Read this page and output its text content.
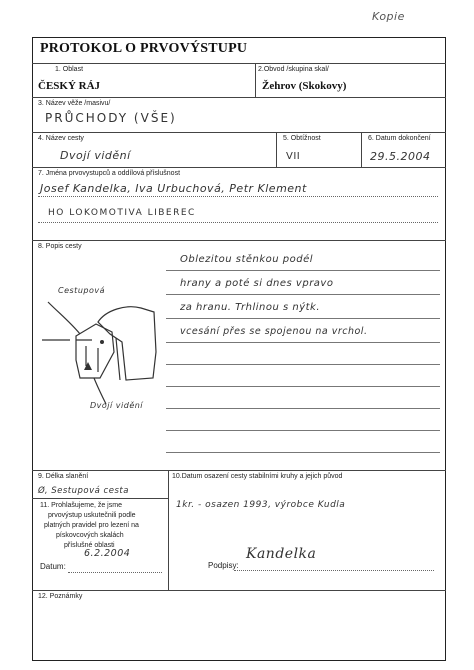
Kopie
PROTOKOL O PRVOVÝSTUPU
1. Oblast
ČESKÝ RÁJ
2.Obvod /skupina skal/
Žehrov (Skokovy)
3. Název věže /masivu/
PRŮCHODY (VŠE)
4. Název cesty
Dvojí vidění
5. Obtížnost
VII
6. Datum dokončení
29.5.2004
7. Jména prvovystupců a oddílová příslušnost
Josef Kandelka, Iva Urbuchová, Petr Klement
HO LOKOMOTIVA LIBEREC
8. Popis cesty
Oblezitou stěnkou podél
hrany a poté si dnes vpravo
za hranu. Trhlinou s nýtk.
vcesání přes se spojenou na vrchol.
Cestupová
Dvojí vidění
9. Délka slanění
Ø, Sestupová cesta
10.Datum osazení cesty stabilními kruhy a jejich původ
1kr. - osazen 1993, výrobce Kudla
11. Prohlašujeme, že jsme
prvovýstup uskutečnili podle
platných pravidel pro lezení na
pískovcových skalách
příslušné oblasti
6.2.2004
Datum:
Kandelka
Podpisy:
12. Poznámky
